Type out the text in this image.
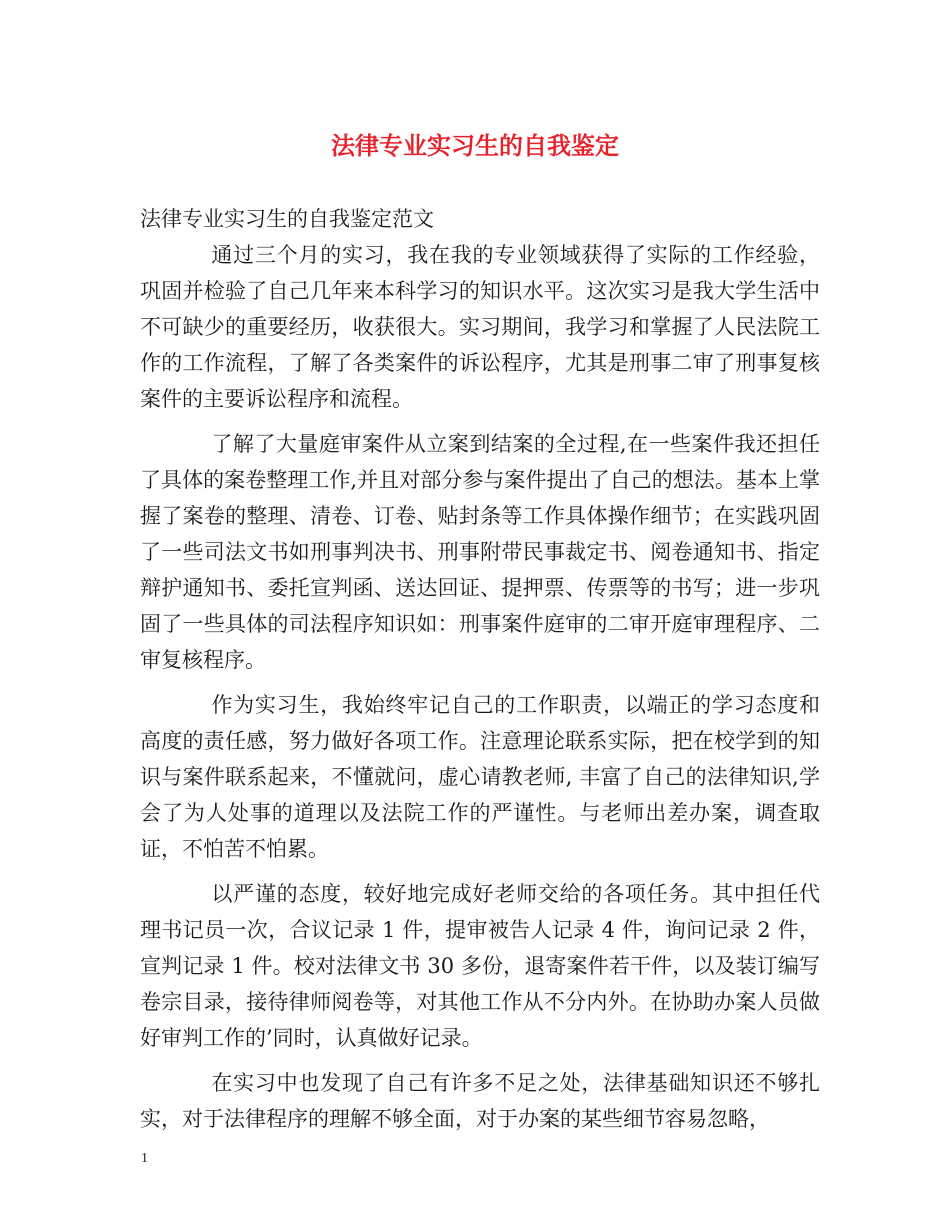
法律专业实习生的自我鉴定

法律专业实习生的自我鉴定范文

通过三个月的实习，我在我的专业领域获得了实际的工作经验，巩固并检验了自己几年来本科学习的知识水平。这次实习是我大学生活中不可缺少的重要经历，收获很大。实习期间，我学习和掌握了人民法院工作的工作流程，了解了各类案件的诉讼程序，尤其是刑事二审了刑事复核案件的主要诉讼程序和流程。

了解了大量庭审案件从立案到结案的全过程,在一些案件我还担任了具体的案卷整理工作,并且对部分参与案件提出了自己的想法。基本上掌握了案卷的整理、清卷、订卷、贴封条等工作具体操作细节；在实践巩固了一些司法文书如刑事判决书、刑事附带民事裁定书、阅卷通知书、指定辩护通知书、委托宣判函、送达回证、提押票、传票等的书写；进一步巩固了一些具体的司法程序知识如：刑事案件庭审的二审开庭审理程序、二审复核程序。

作为实习生，我始终牢记自己的工作职责，以端正的学习态度和高度的责任感，努力做好各项工作。注意理论联系实际，把在校学到的知识与案件联系起来，不懂就问，虚心请教老师, 丰富了自己的法律知识,学会了为人处事的道理以及法院工作的严谨性。与老师出差办案，调查取证，不怕苦不怕累。

以严谨的态度，较好地完成好老师交给的各项任务。其中担任代理书记员一次，合议记录 1 件，提审被告人记录 4 件，询问记录 2 件，宣判记录 1 件。校对法律文书 30 多份，退寄案件若干件，以及装订编写卷宗目录，接待律师阅卷等，对其他工作从不分内外。在协助办案人员做好审判工作的’同时，认真做好记录。

在实习中也发现了自己有许多不足之处，法律基础知识还不够扎实，对于法律程序的理解不够全面，对于办案的某些细节容易忽略，

1
